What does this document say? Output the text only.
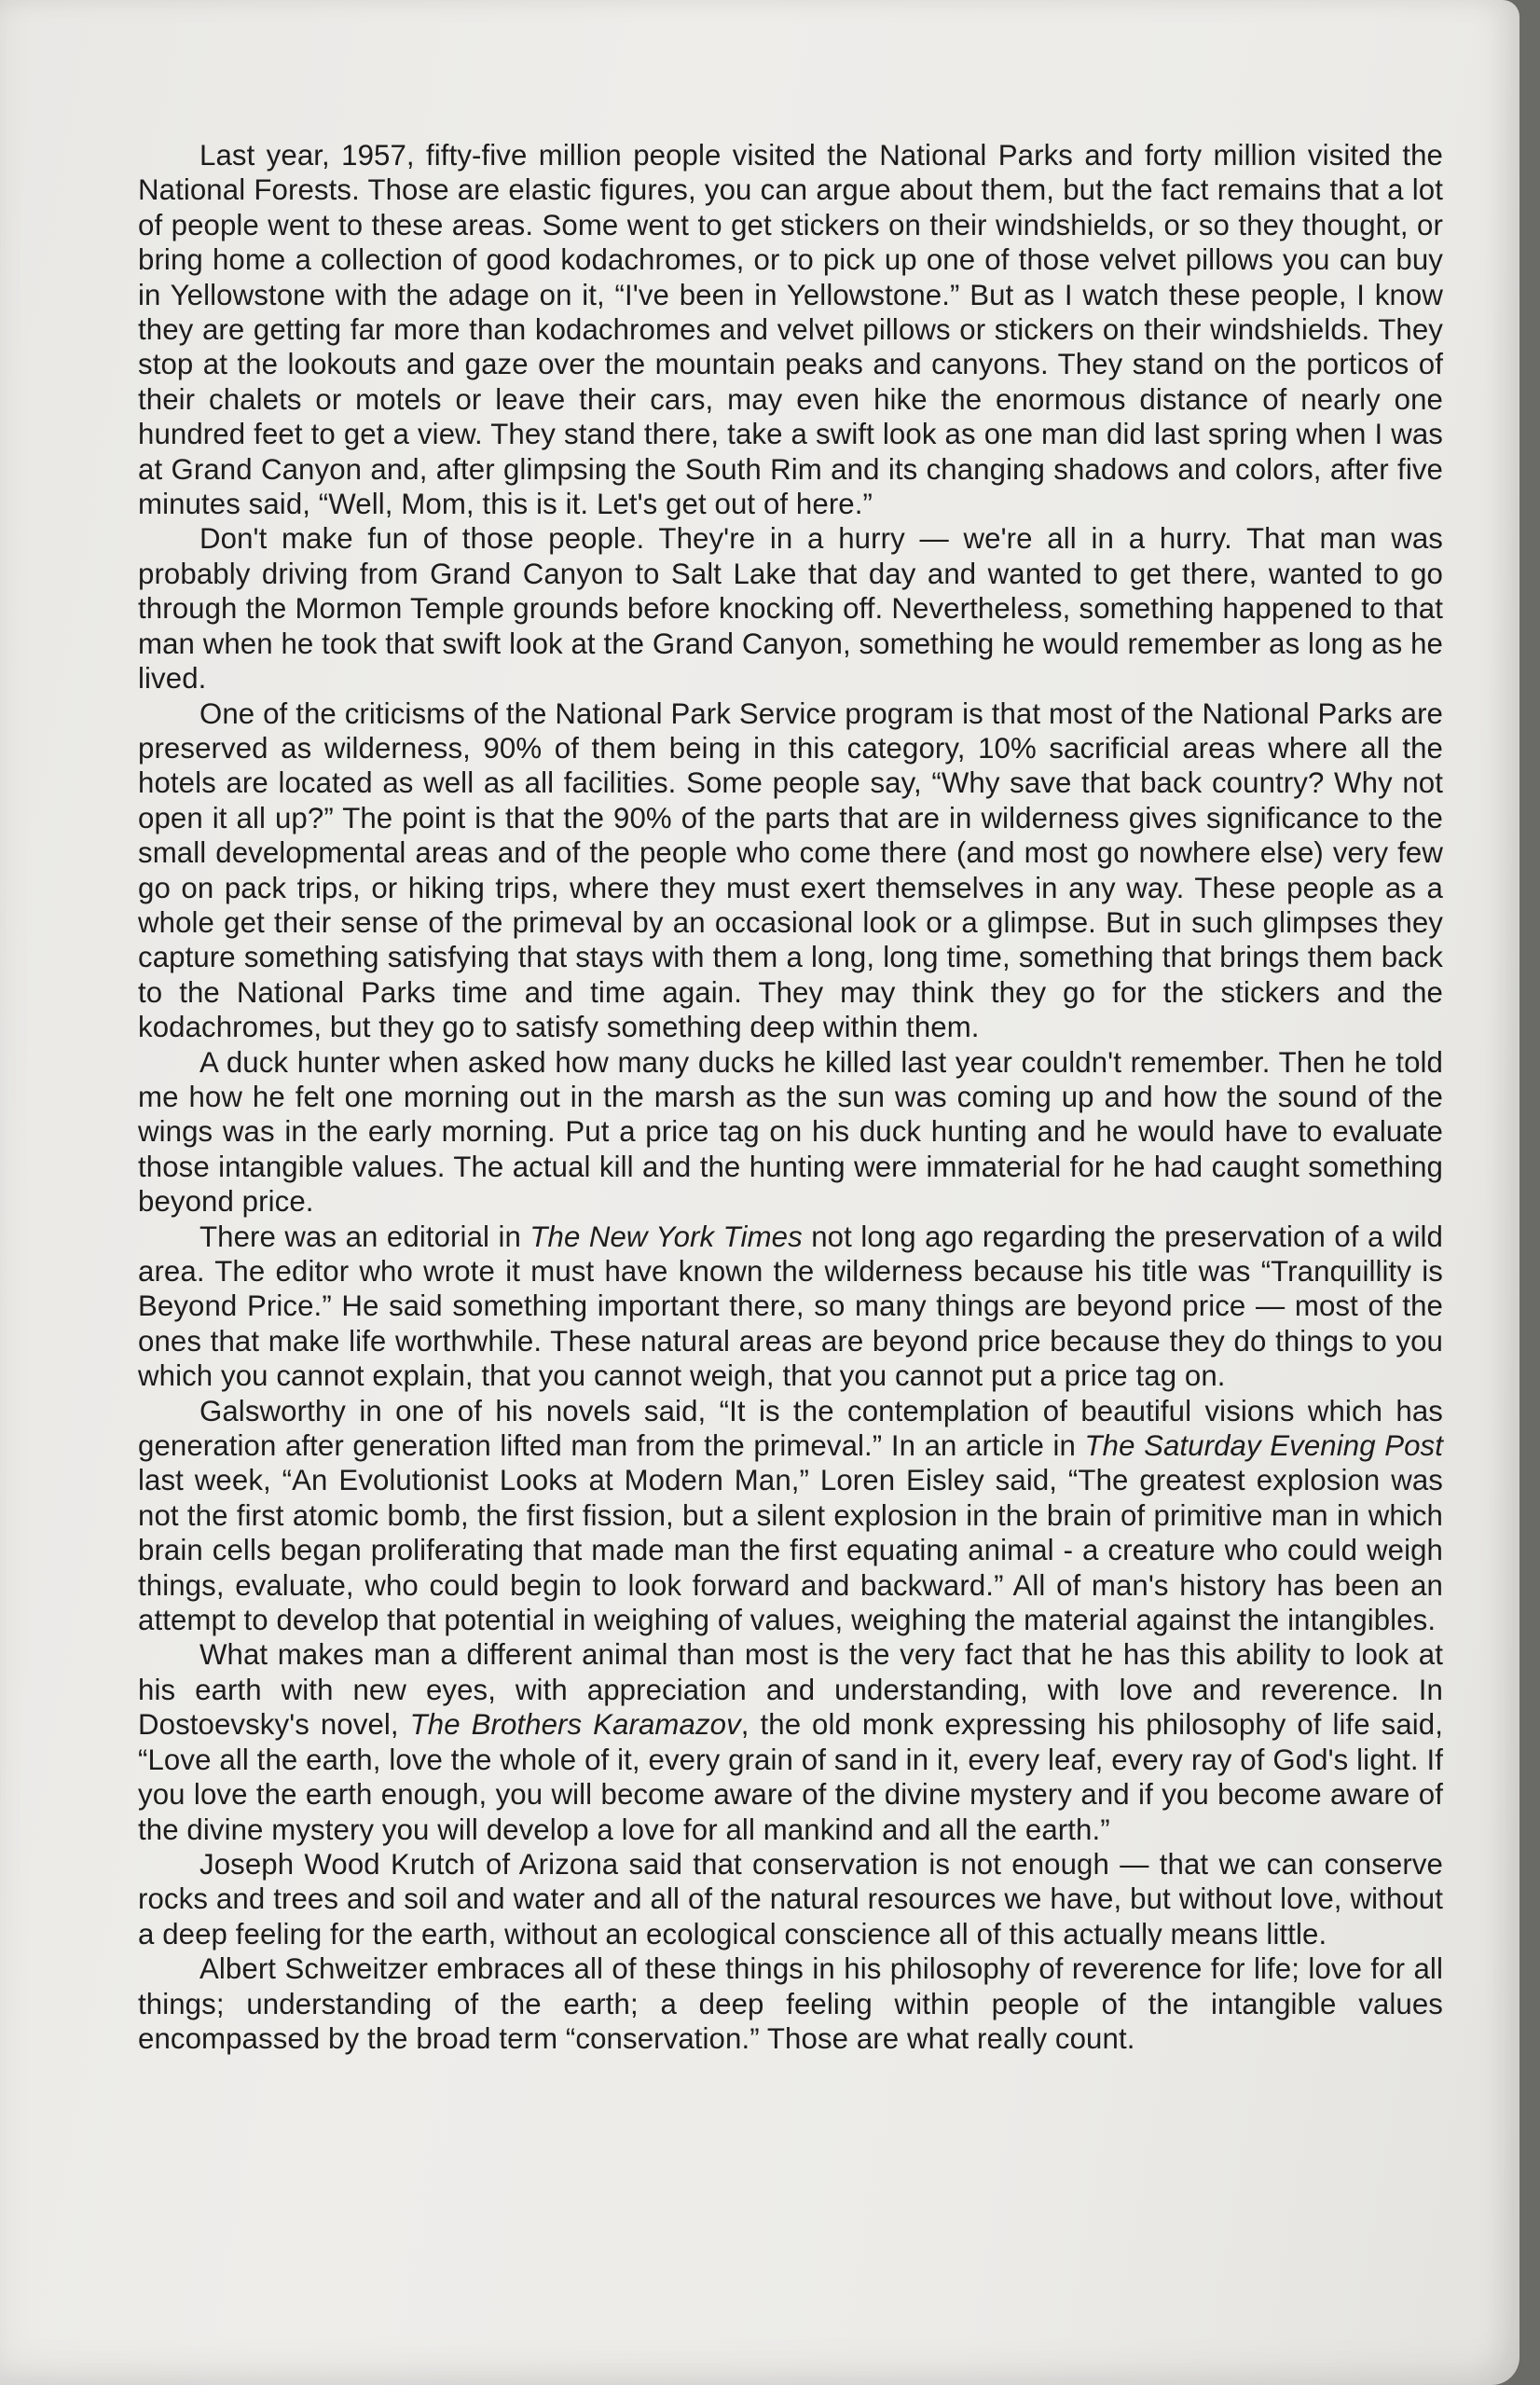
Last year, 1957, fifty-five million people visited the National Parks and forty million visited the National Forests. Those are elastic figures, you can argue about them, but the fact remains that a lot of people went to these areas. Some went to get stickers on their windshields, or so they thought, or bring home a collection of good kodachromes, or to pick up one of those velvet pillows you can buy in Yellowstone with the adage on it, “I've been in Yellowstone.” But as I watch these people, I know they are getting far more than kodachromes and velvet pillows or stickers on their windshields. They stop at the lookouts and gaze over the mountain peaks and canyons. They stand on the porticos of their chalets or motels or leave their cars, may even hike the enormous distance of nearly one hundred feet to get a view. They stand there, take a swift look as one man did last spring when I was at Grand Canyon and, after glimpsing the South Rim and its changing shadows and colors, after five minutes said, “Well, Mom, this is it. Let's get out of here.”

Don't make fun of those people. They're in a hurry — we're all in a hurry. That man was probably driving from Grand Canyon to Salt Lake that day and wanted to get there, wanted to go through the Mormon Temple grounds before knocking off. Nevertheless, something happened to that man when he took that swift look at the Grand Canyon, something he would remember as long as he lived.

One of the criticisms of the National Park Service program is that most of the National Parks are preserved as wilderness, 90% of them being in this category, 10% sacrificial areas where all the hotels are located as well as all facilities. Some people say, “Why save that back country? Why not open it all up?” The point is that the 90% of the parts that are in wilderness gives significance to the small developmental areas and of the people who come there (and most go nowhere else) very few go on pack trips, or hiking trips, where they must exert themselves in any way. These people as a whole get their sense of the primeval by an occasional look or a glimpse. But in such glimpses they capture something satisfying that stays with them a long, long time, something that brings them back to the National Parks time and time again. They may think they go for the stickers and the kodachromes, but they go to satisfy something deep within them.

A duck hunter when asked how many ducks he killed last year couldn't remember. Then he told me how he felt one morning out in the marsh as the sun was coming up and how the sound of the wings was in the early morning. Put a price tag on his duck hunting and he would have to evaluate those intangible values. The actual kill and the hunting were immaterial for he had caught something beyond price.

There was an editorial in The New York Times not long ago regarding the preservation of a wild area. The editor who wrote it must have known the wilderness because his title was “Tranquillity is Beyond Price.” He said something important there, so many things are beyond price — most of the ones that make life worthwhile. These natural areas are beyond price because they do things to you which you cannot explain, that you cannot weigh, that you cannot put a price tag on.

Galsworthy in one of his novels said, “It is the contemplation of beautiful visions which has generation after generation lifted man from the primeval.” In an article in The Saturday Evening Post last week, “An Evolutionist Looks at Modern Man,” Loren Eisley said, “The greatest explosion was not the first atomic bomb, the first fission, but a silent explosion in the brain of primitive man in which brain cells began proliferating that made man the first equating animal - a creature who could weigh things, evaluate, who could begin to look forward and backward.” All of man's history has been an attempt to develop that potential in weighing of values, weighing the material against the intangibles.

What makes man a different animal than most is the very fact that he has this ability to look at his earth with new eyes, with appreciation and understanding, with love and reverence. In Dostoevsky's novel, The Brothers Karamazov, the old monk expressing his philosophy of life said, “Love all the earth, love the whole of it, every grain of sand in it, every leaf, every ray of God's light. If you love the earth enough, you will become aware of the divine mystery and if you become aware of the divine mystery you will develop a love for all mankind and all the earth.”

Joseph Wood Krutch of Arizona said that conservation is not enough — that we can conserve rocks and trees and soil and water and all of the natural resources we have, but without love, without a deep feeling for the earth, without an ecological conscience all of this actually means little.

Albert Schweitzer embraces all of these things in his philosophy of reverence for life; love for all things; understanding of the earth; a deep feeling within people of the intangible values encompassed by the broad term “conservation.” Those are what really count.
